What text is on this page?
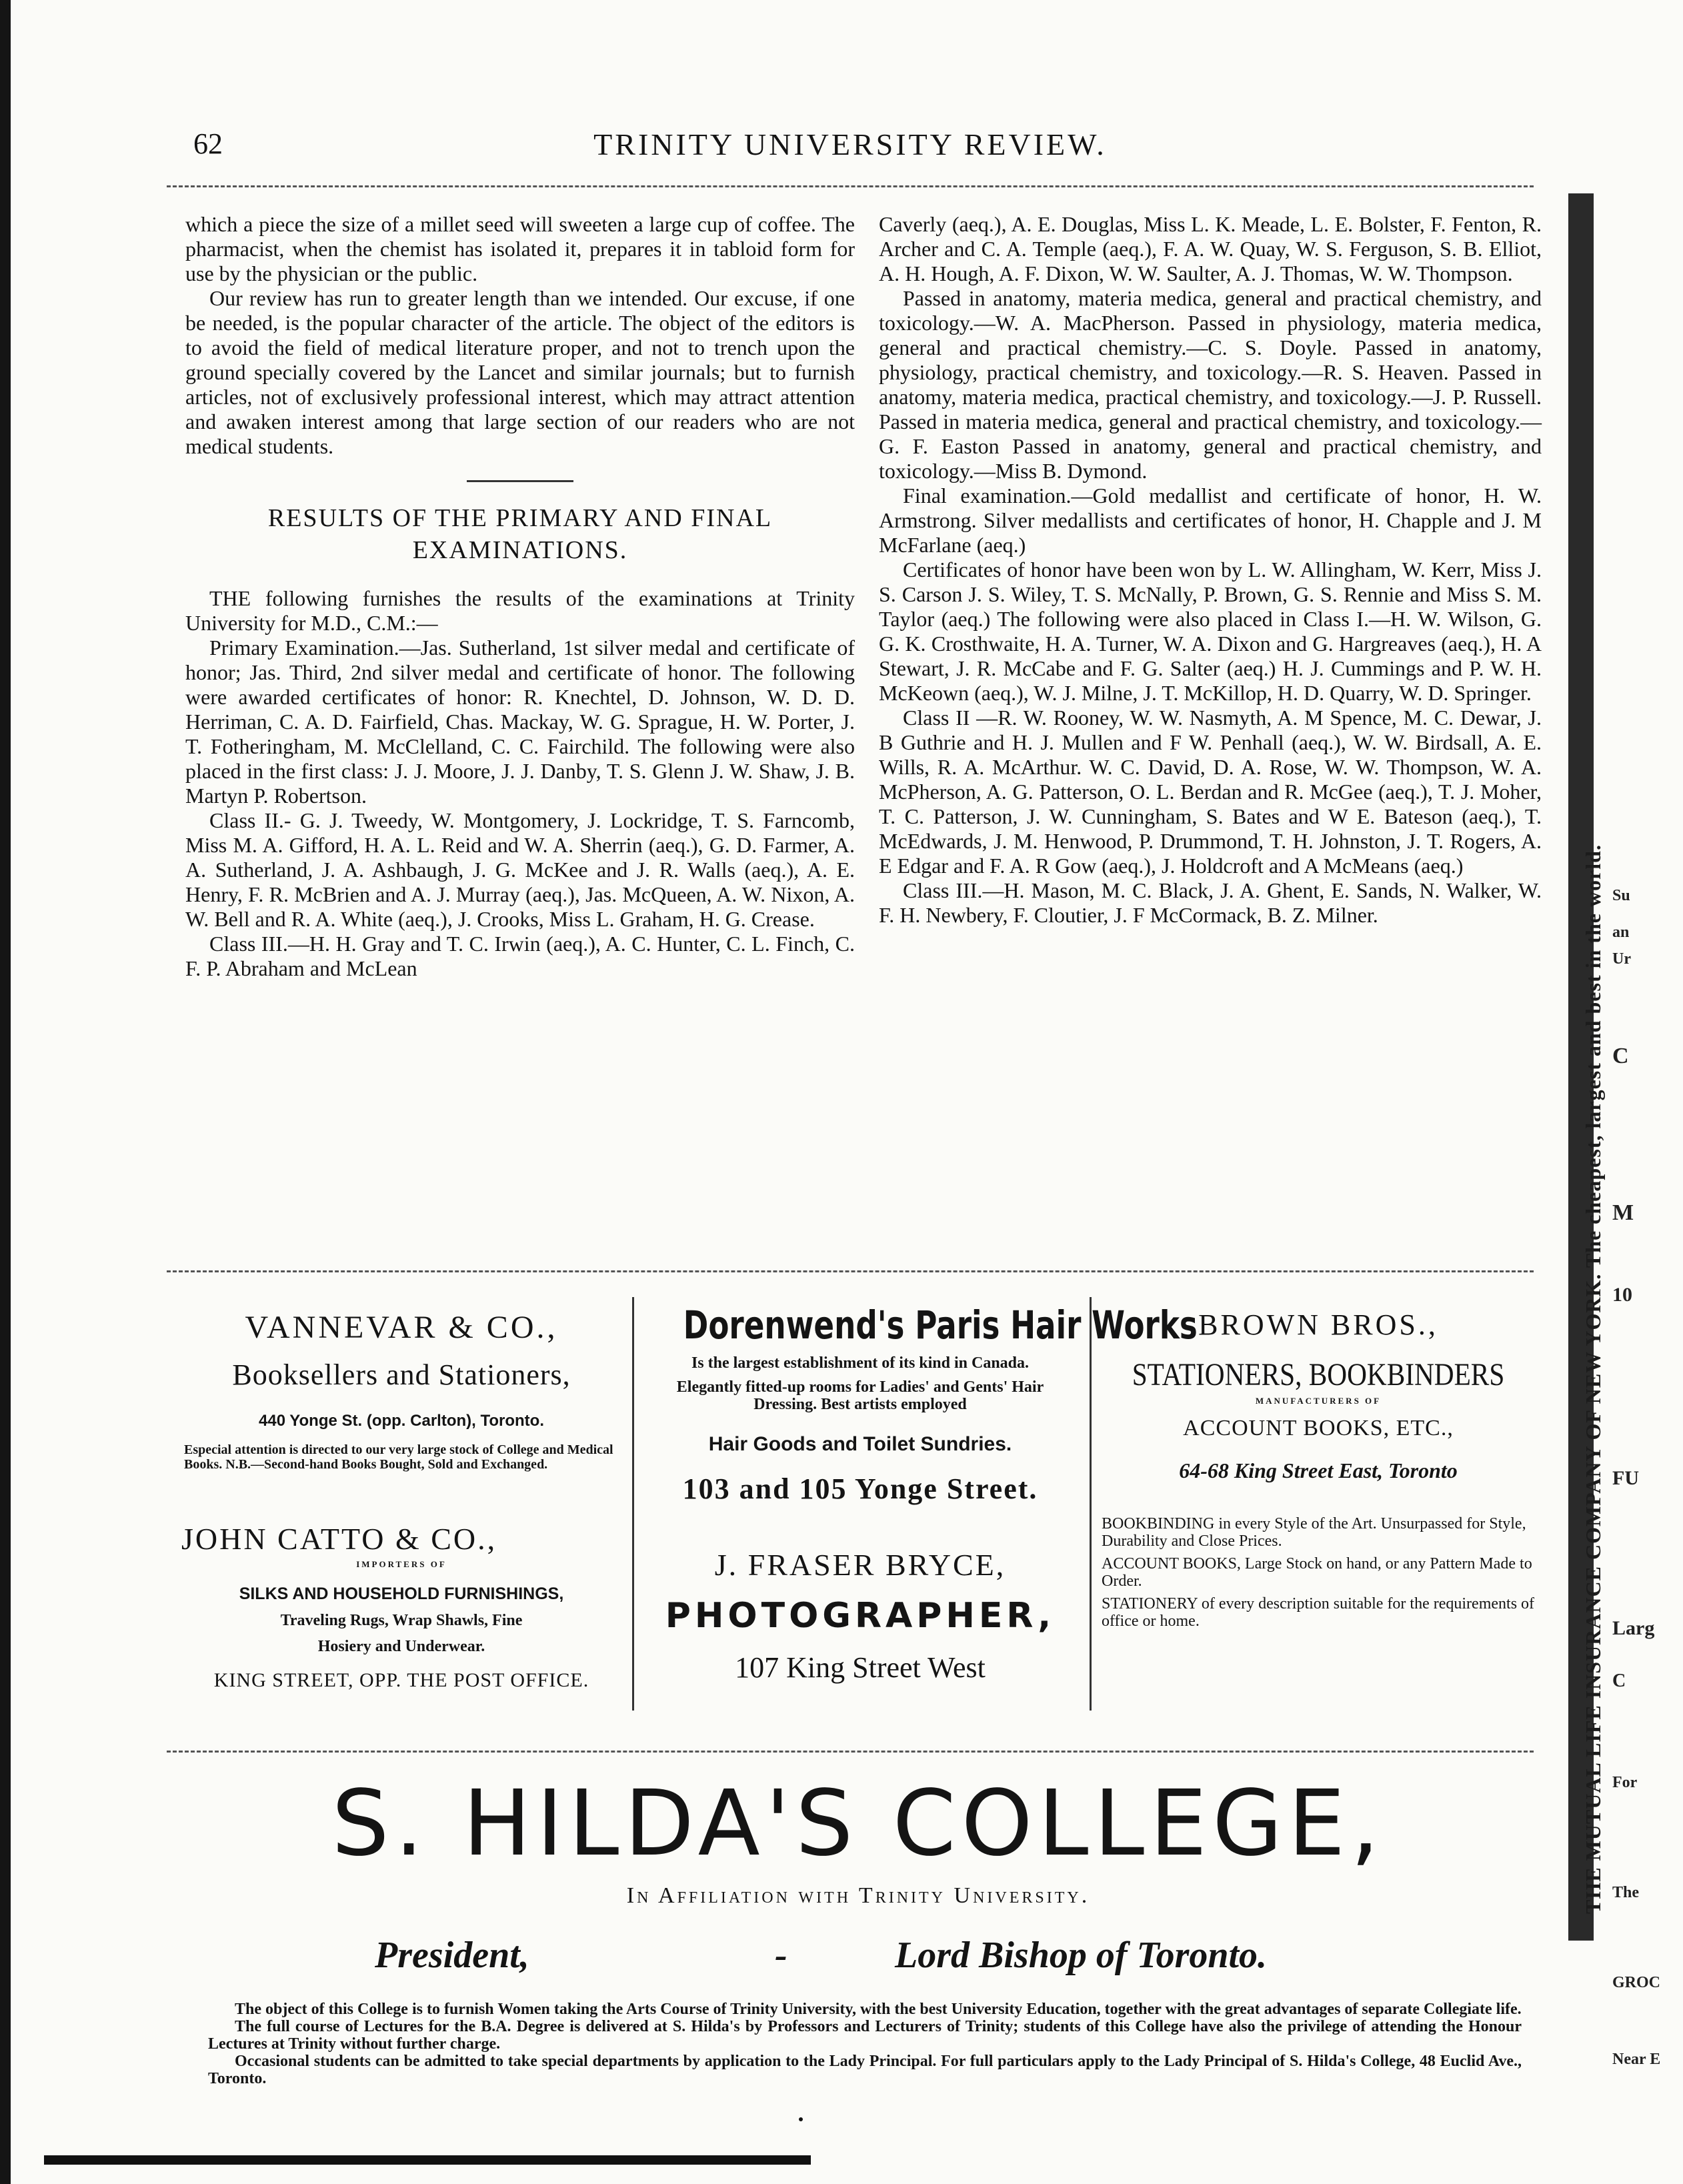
62	TRINITY UNIVERSITY REVIEW.

which a piece the size of a millet seed will sweeten a large cup of coffee. The pharmacist, when the chemist has isolated it, prepares it in tabloid form for use by the physician or the public.

Our review has run to greater length than we intended. Our excuse, if one be needed, is the popular character of the article. The object of the editors is to avoid the field of medical literature proper, and not to trench upon the ground specially covered by the Lancet and similar journals; but to furnish articles, not of exclusively professional interest, which may attract attention and awaken interest among that large section of our readers who are not medical students.

RESULTS OF THE PRIMARY AND FINAL EXAMINATIONS.

THE following furnishes the results of the examinations at Trinity University for M.D., C.M.:—

Primary Examination.—Jas. Sutherland, 1st silver medal and certificate of honor; Jas. Third, 2nd silver medal and certificate of honor. The following were awarded certificates of honor: R. Knechtel, D. Johnson, W. D. D. Herriman, C. A. D. Fairfield, Chas. Mackay, W. G. Sprague, H. W. Porter, J. T. Fotheringham, M. McClelland, C. C. Fairchild. The following were also placed in the first class: J. J. Moore, J. J. Danby, T. S. Glenn J. W. Shaw, J. B. Martyn P. Robertson.

Class II.- G. J. Tweedy, W. Montgomery, J. Lockridge, T. S. Farncomb, Miss M. A. Gifford, H. A. L. Reid and W. A. Sherrin (aeq.), G. D. Farmer, A. A. Sutherland, J. A. Ashbaugh, J. G. McKee and J. R. Walls (aeq.), A. E. Henry, F. R. McBrien and A. J. Murray (aeq.), Jas. McQueen, A. W. Nixon, A. W. Bell and R. A. White (aeq.), J. Crooks, Miss L. Graham, H. G. Crease.

Class III.—H. H. Gray and T. C. Irwin (aeq.), A. C. Hunter, C. L. Finch, C. F. P. Abraham and McLean

Caverly (aeq.), A. E. Douglas, Miss L. K. Meade, L. E. Bolster, F. Fenton, R. Archer and C. A. Temple (aeq.), F. A. W. Quay, W. S. Ferguson, S. B. Elliot, A. H. Hough, A. F. Dixon, W. W. Saulter, A. J. Thomas, W. W. Thompson.

Passed in anatomy, materia medica, general and practical chemistry, and toxicology.—W. A. MacPherson. Passed in physiology, materia medica, general and practical chemistry.—C. S. Doyle. Passed in anatomy, physiology, practical chemistry, and toxicology.—R. S. Heaven. Passed in anatomy, materia medica, practical chemistry, and toxicology.—J. P. Russell. Passed in materia medica, general and practical chemistry, and toxicology.—G. F. Easton Passed in anatomy, general and practical chemistry, and toxicology.—Miss B. Dymond.

Final examination.—Gold medallist and certificate of honor, H. W. Armstrong. Silver medallists and certificates of honor, H. Chapple and J. M McFarlane (aeq.)

Certificates of honor have been won by L. W. Allingham, W. Kerr, Miss J. S. Carson J. S. Wiley, T. S. McNally, P. Brown, G. S. Rennie and Miss S. M. Taylor (aeq.) The following were also placed in Class I.—H. W. Wilson, G. G. K. Crosthwaite, H. A. Turner, W. A. Dixon and G. Hargreaves (aeq.), H. A Stewart, J. R. McCabe and F. G. Salter (aeq.) H. J. Cummings and P. W. H. McKeown (aeq.), W. J. Milne, J. T. McKillop, H. D. Quarry, W. D. Springer.

Class II —R. W. Rooney, W. W. Nasmyth, A. M Spence, M. C. Dewar, J. B Guthrie and H. J. Mullen and F W. Penhall (aeq.), W. W. Birdsall, A. E. Wills, R. A. McArthur. W. C. David, D. A. Rose, W. W. Thompson, W. A. McPherson, A. G. Patterson, O. L. Berdan and R. McGee (aeq.), T. J. Moher, T. C. Patterson, J. W. Cunningham, S. Bates and W E. Bateson (aeq.), T. McEdwards, J. M. Henwood, P. Drummond, T. H. Johnston, J. T. Rogers, A. E Edgar and F. A. R Gow (aeq.), J. Holdcroft and A McMeans (aeq.)

Class III.—H. Mason, M. C. Black, J. A. Ghent, E. Sands, N. Walker, W. F. H. Newbery, F. Cloutier, J. F McCormack, B. Z. Milner.

VANNEVAR & CO.,
Booksellers and Stationers,
440 Yonge St. (opp. Carlton), Toronto.
Especial attention is directed to our very large stock of College and Medical Books. N.B.—Second-hand Books Bought, Sold and Exchanged.
JOHN CATTO & CO.,
IMPORTERS OF
SILKS AND HOUSEHOLD FURNISHINGS,
Traveling Rugs, Wrap Shawls, Fine
Hosiery and Underwear.
KING STREET, OPP. THE POST OFFICE.
Dorenwend's Paris Hair Works
Is the largest establishment of its kind in Canada.
Elegantly fitted-up rooms for Ladies' and Gents' Hair Dressing. Best artists employed
Hair Goods and Toilet Sundries.
103 and 105 Yonge Street.
J. FRASER BRYCE,
PHOTOGRAPHER,
107 King Street West
BROWN BROS.,
STATIONERS, BOOKBINDERS
MANUFACTURERS OF
ACCOUNT BOOKS, ETC.,
64-68 King Street East, Toronto
BOOKBINDING in every Style of the Art. Unsurpassed for Style, Durability and Close Prices.
ACCOUNT BOOKS, Large Stock on hand, or any Pattern Made to Order.
STATIONERY of every description suitable for the requirements of office or home.
S. HILDA'S COLLEGE,
In Affiliation with Trinity University.
President,	-	Lord Bishop of Toronto.

The object of this College is to furnish Women taking the Arts Course of Trinity University, with the best University Education, together with the great advantages of separate Collegiate life.

The full course of Lectures for the B.A. Degree is delivered at S. Hilda's by Professors and Lecturers of Trinity; students of this College have also the privilege of attending the Honour Lectures at Trinity without further charge.

Occasional students can be admitted to take special departments by application to the Lady Principal. For full particulars apply to the Lady Principal of S. Hilda's College, 48 Euclid Ave., Toronto.

THE MUTUAL LIFE INSURANCE COMPANY OF NEW YORK. The cheapest, largest and best in the world. Su
an
Ur
C
M
10
FU
Larg
C
For
The
GROC
Near E
